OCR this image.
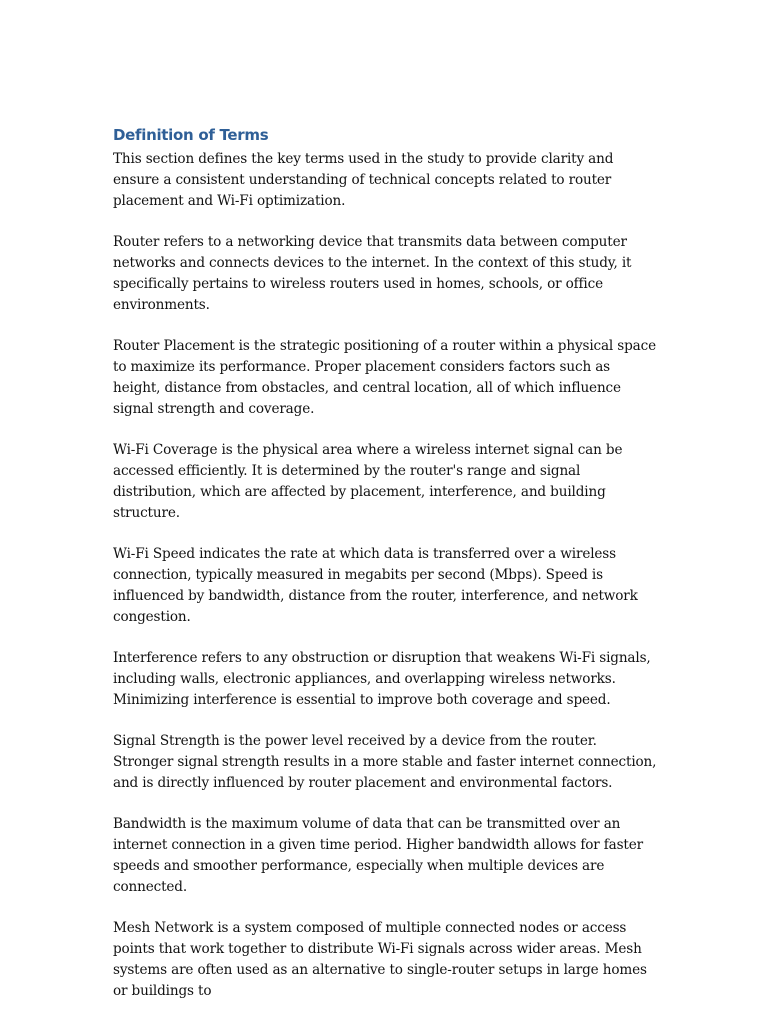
Definition of Terms

This section defines the key terms used in the study to provide clarity and ensure a consistent understanding of technical concepts related to router placement and Wi-Fi optimization.

Router refers to a networking device that transmits data between computer networks and connects devices to the internet. In the context of this study, it specifically pertains to wireless routers used in homes, schools, or office environments.

Router Placement is the strategic positioning of a router within a physical space to maximize its performance. Proper placement considers factors such as height, distance from obstacles, and central location, all of which influence signal strength and coverage.

Wi-Fi Coverage is the physical area where a wireless internet signal can be accessed efficiently. It is determined by the router's range and signal distribution, which are affected by placement, interference, and building structure.

Wi-Fi Speed indicates the rate at which data is transferred over a wireless connection, typically measured in megabits per second (Mbps). Speed is influenced by bandwidth, distance from the router, interference, and network congestion.

Interference refers to any obstruction or disruption that weakens Wi-Fi signals, including walls, electronic appliances, and overlapping wireless networks. Minimizing interference is essential to improve both coverage and speed.

Signal Strength is the power level received by a device from the router. Stronger signal strength results in a more stable and faster internet connection, and is directly influenced by router placement and environmental factors.

Bandwidth is the maximum volume of data that can be transmitted over an internet connection in a given time period. Higher bandwidth allows for faster speeds and smoother performance, especially when multiple devices are connected.

Mesh Network is a system composed of multiple connected nodes or access points that work together to distribute Wi-Fi signals across wider areas. Mesh systems are often used as an alternative to single-router setups in large homes or buildings to
